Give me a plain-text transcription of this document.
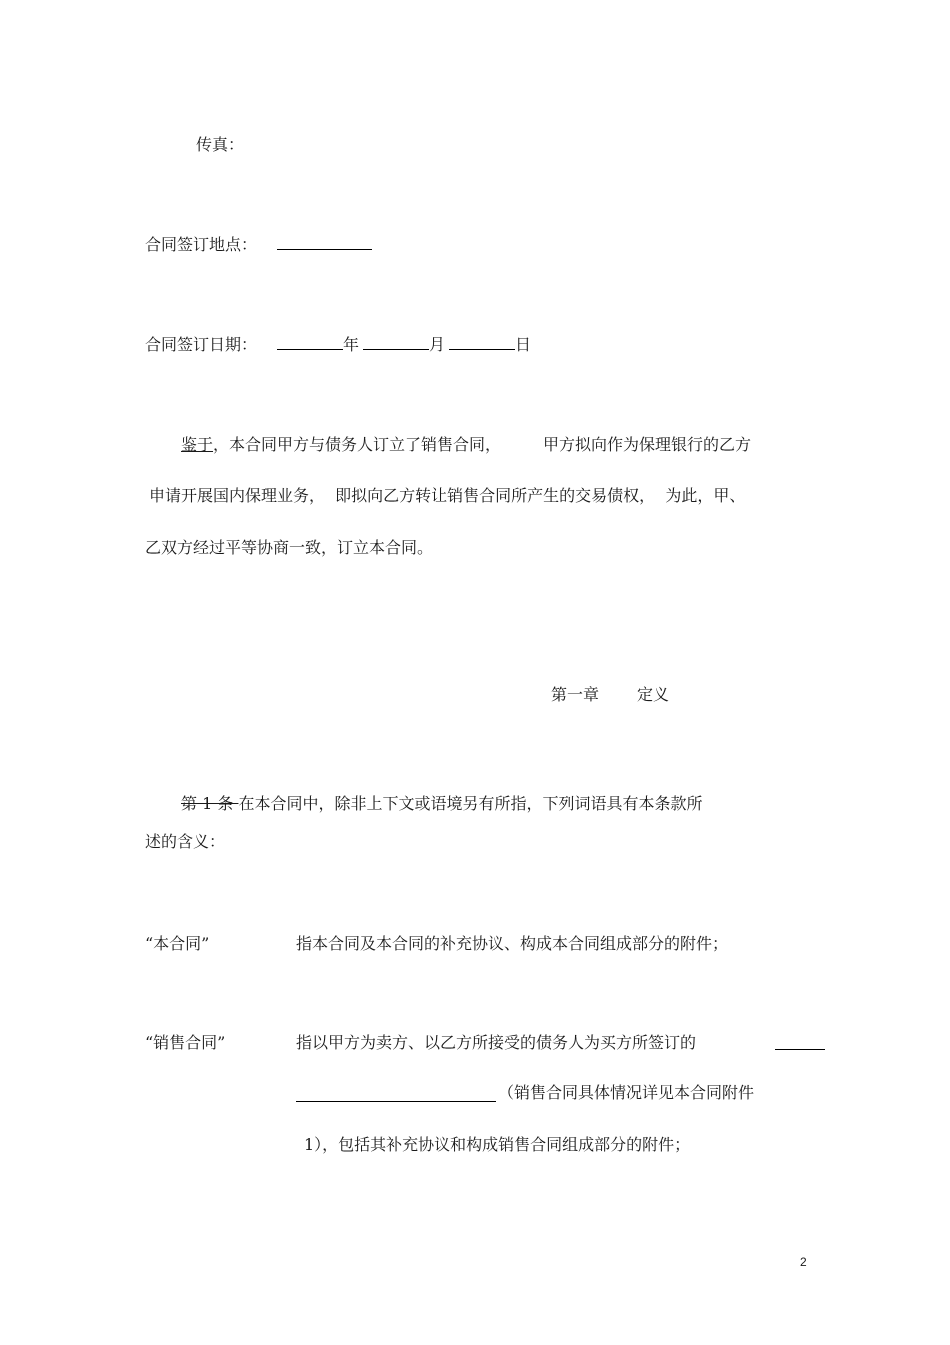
传真：
合同签订地点：
合同签订日期：	年	月	日
鉴于，本合同甲方与债务人订立了销售合同，	甲方拟向作为保理银行的乙方
申请开展国内保理业务，  即拟向乙方转让销售合同所产生的交易债权，  为此，甲、
乙双方经过平等协商一致，订立本合同。
第一章 定义
第 1 条 在本合同中，除非上下文或语境另有所指，下列词语具有本条款所
述的含义：
“本合同”	指本合同及本合同的补充协议、构成本合同组成部分的附件；
“销售合同”	指以甲方为卖方、以乙方所接受的债务人为买方所签订的
（销售合同具体情况详见本合同附件
1），包括其补充协议和构成销售合同组成部分的附件；
2
